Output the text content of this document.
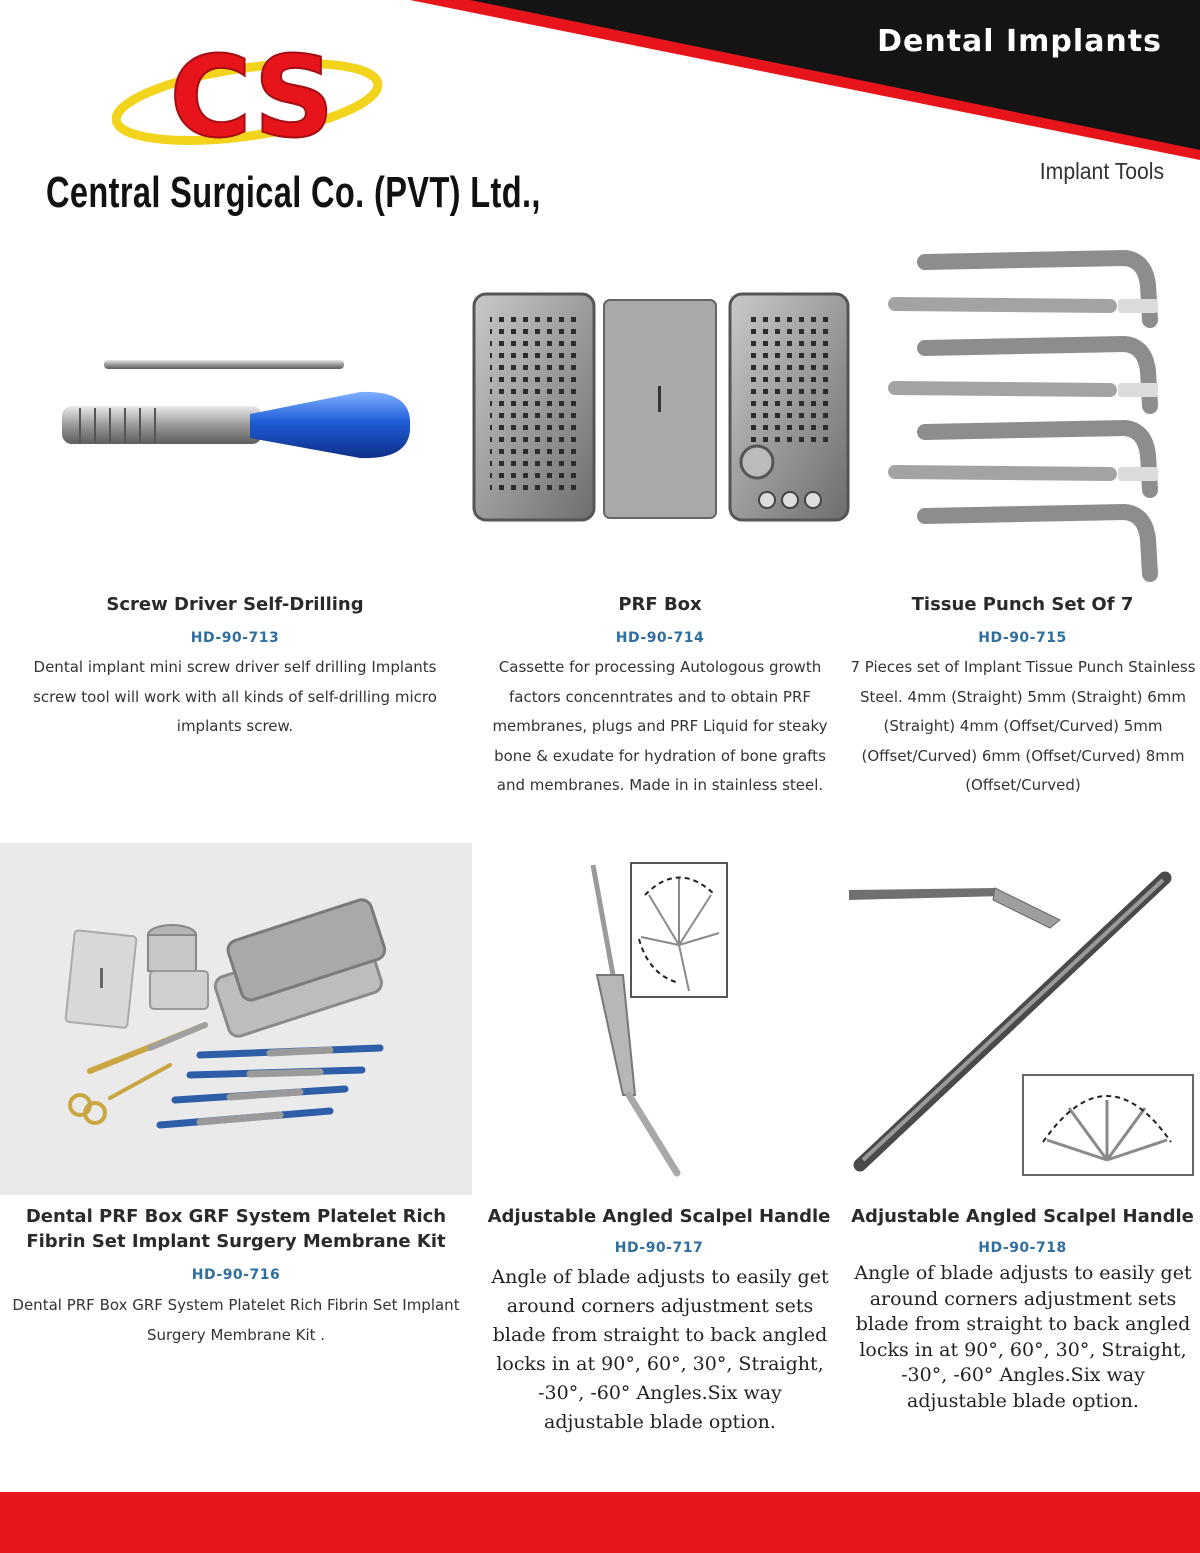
Dental Implants
CS
Central Surgical Co. (PVT) Ltd.,	Implant Tools
Screw Driver Self-Drilling
HD-90-713
Dental implant mini screw driver self drilling Implants screw tool will work with all kinds of self-drilling micro implants screw.
PRF Box
HD-90-714
Cassette for processing Autologous growth factors concenntrates and to obtain PRF membranes, plugs and PRF Liquid for steaky bone & exudate for hydration of bone grafts and membranes. Made in in stainless steel.
Tissue Punch Set Of 7
HD-90-715
7 Pieces set of Implant Tissue Punch Stainless Steel. 4mm (Straight) 5mm (Straight) 6mm (Straight) 4mm (Offset/Curved) 5mm (Offset/Curved) 6mm (Offset/Curved) 8mm (Offset/Curved)
Dental PRF Box GRF System Platelet Rich Fibrin Set Implant Surgery Membrane Kit
HD-90-716
Dental PRF Box GRF System Platelet Rich Fibrin Set Implant Surgery Membrane Kit .
Adjustable Angled Scalpel Handle
HD-90-717
Angle of blade adjusts to easily get around corners adjustment sets blade from straight to back angled locks in at 90°, 60°, 30°, Straight, -30°, -60° Angles.Six way adjustable blade option.
Adjustable Angled Scalpel Handle
HD-90-718
Angle of blade adjusts to easily get around corners adjustment sets blade from straight to back angled locks in at 90°, 60°, 30°, Straight, -30°, -60° Angles.Six way adjustable blade option.
